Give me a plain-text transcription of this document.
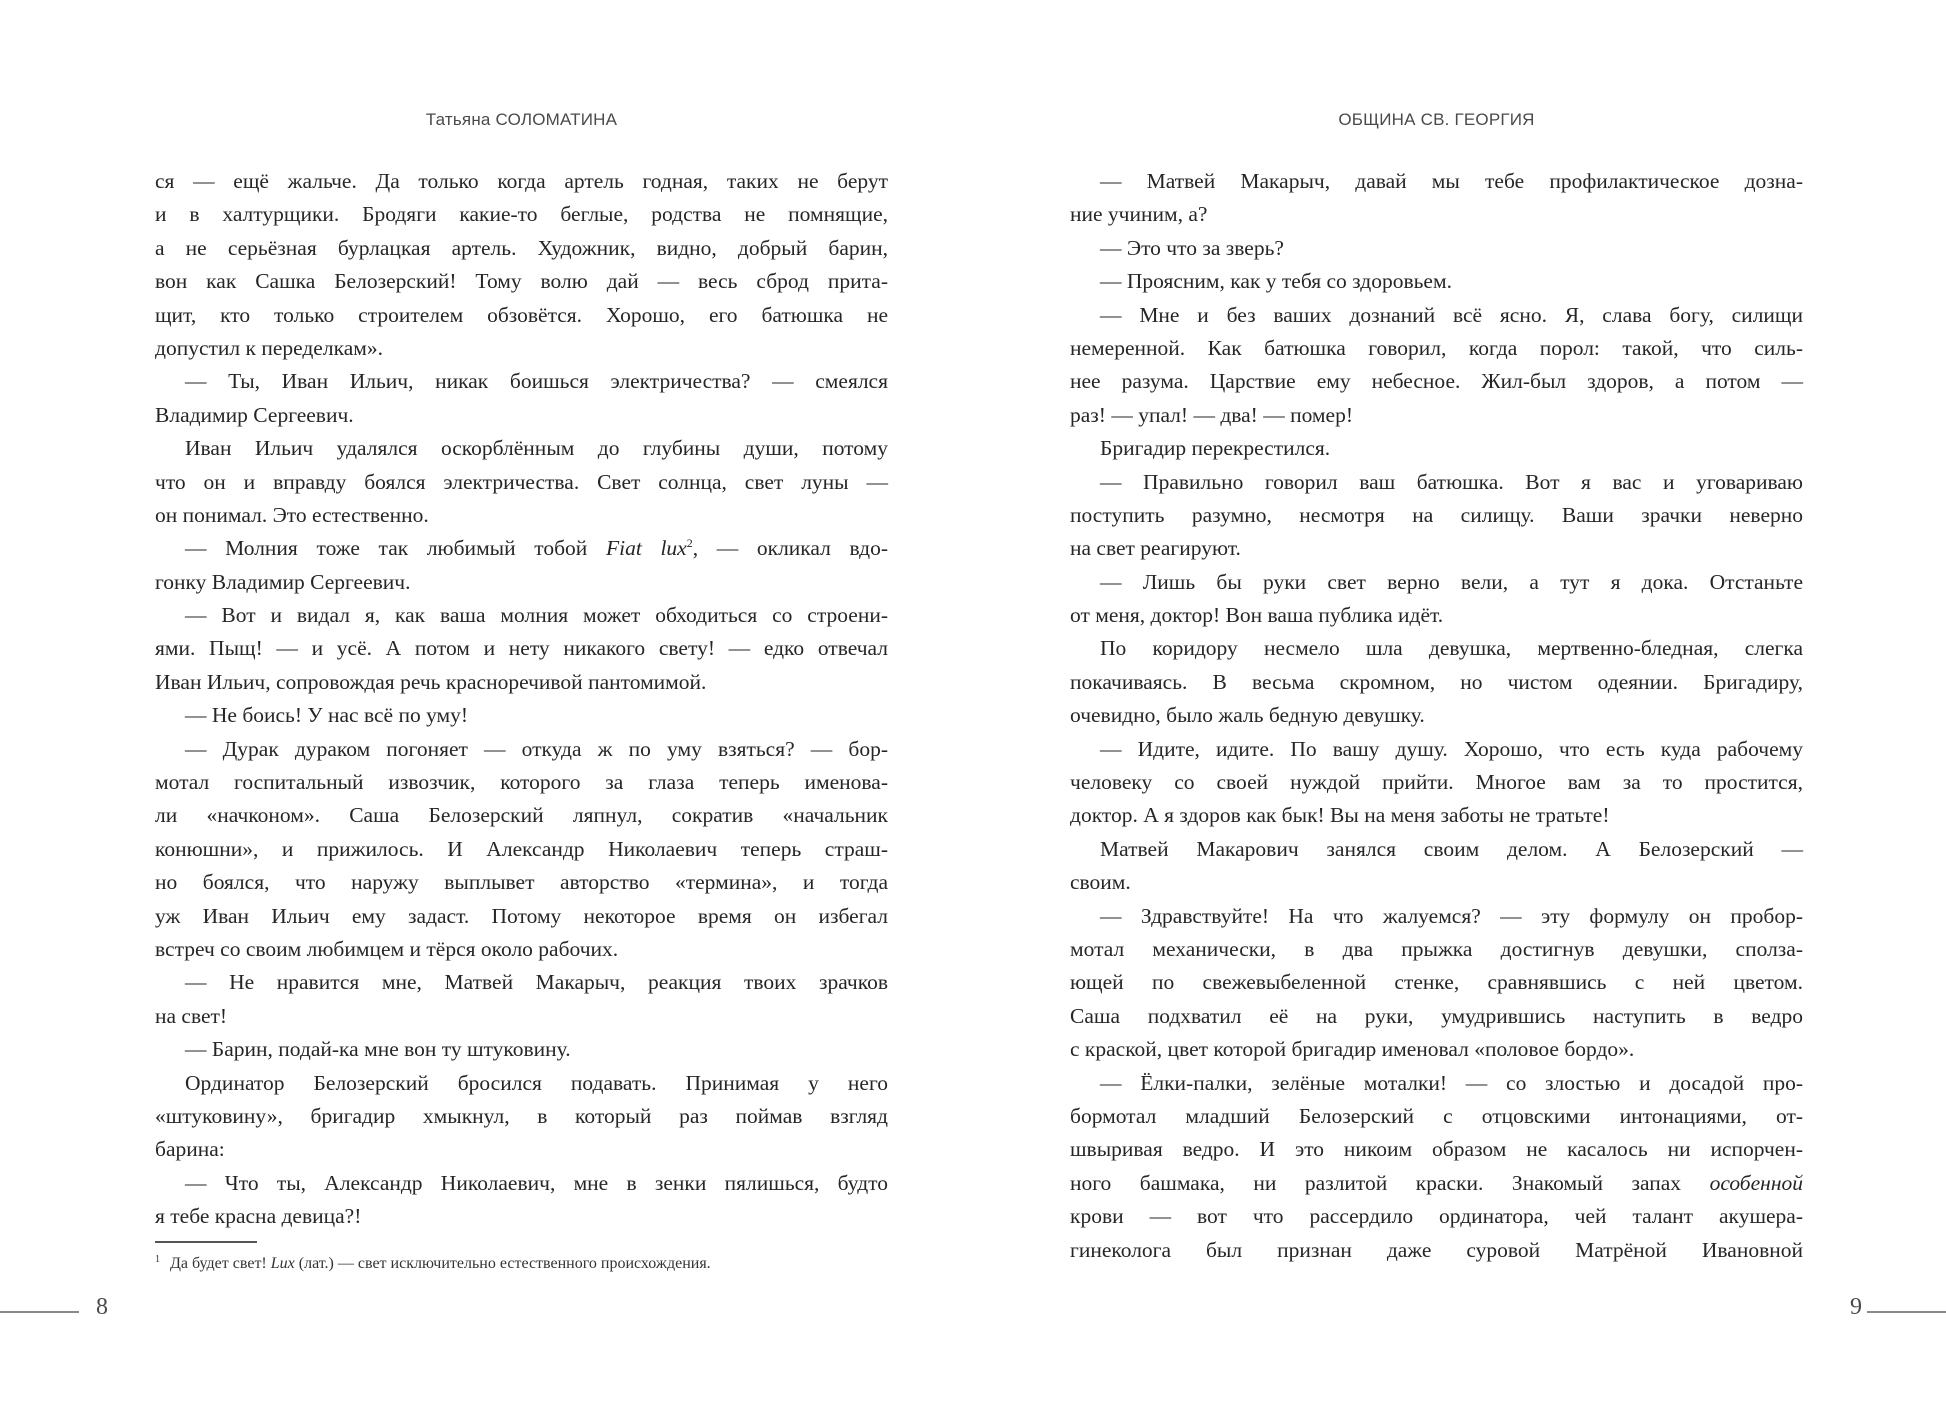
Татьяна СОЛОМАТИНА
ся — ещё жальче. Да только когда артель годная, таких не берут
и в халтурщики. Бродяги какие-то беглые, родства не помнящие,
а не серьёзная бурлацкая артель. Художник, видно, добрый барин,
вон как Сашка Белозерский! Тому волю дай — весь сброд прита-
щит, кто только строителем обзовётся. Хорошо, его батюшка не
допустил к переделкам».
— Ты, Иван Ильич, никак боишься электричества? — смеялся
Владимир Сергеевич.
Иван Ильич удалялся оскорблённым до глубины души, потому
что он и вправду боялся электричества. Свет солнца, свет луны —
он понимал. Это естественно.
— Молния тоже так любимый тобой Fiat lux$^2$, — окликал вдо-
гонку Владимир Сергеевич.
— Вот и видал я, как ваша молния может обходиться со строени-
ями. Пыщ! — и усё. А потом и нету никакого свету! — едко отвечал
Иван Ильич, сопровождая речь красноречивой пантомимой.
— Не боись! У нас всё по уму!
— Дурак дураком погоняет — откуда ж по уму взяться? — бор-
мотал госпитальный извозчик, которого за глаза теперь именова-
ли «начконом». Саша Белозерский ляпнул, сократив «начальник
конюшни», и прижилось. И Александр Николаевич теперь страш-
но боялся, что наружу выплывет авторство «термина», и тогда
уж Иван Ильич ему задаст. Потому некоторое время он избегал
встреч со своим любимцем и тёрся около рабочих.
— Не нравится мне, Матвей Макарыч, реакция твоих зрачков
на свет!
— Барин, подай-ка мне вон ту штуковину.
Ординатор Белозерский бросился подавать. Принимая у него
«штуковину», бригадир хмыкнул, в который раз поймав взгляд
барина:
— Что ты, Александр Николаевич, мне в зенки пялишься, будто
я тебе красна девица?!
$^1$ Да будет свет! Lux (лат.) — свет исключительно естественного происхождения.
8
ОБЩИНА СВ. ГЕОРГИЯ
— Матвей Макарыч, давай мы тебе профилактическое дозна-
ние учиним, а?
— Это что за зверь?
— Проясним, как у тебя со здоровьем.
— Мне и без ваших дознаний всё ясно. Я, слава богу, силищи
немеренной. Как батюшка говорил, когда порол: такой, что силь-
нее разума. Царствие ему небесное. Жил-был здоров, а потом —
раз! — упал! — два! — помер!
Бригадир перекрестился.
— Правильно говорил ваш батюшка. Вот я вас и уговариваю
поступить разумно, несмотря на силищу. Ваши зрачки неверно
на свет реагируют.
— Лишь бы руки свет верно вели, а тут я дока. Отстаньте
от меня, доктор! Вон ваша публика идёт.
По коридору несмело шла девушка, мертвенно-бледная, слегка
покачиваясь. В весьма скромном, но чистом одеянии. Бригадиру,
очевидно, было жаль бедную девушку.
— Идите, идите. По вашу душу. Хорошо, что есть куда рабочему
человеку со своей нуждой прийти. Многое вам за то простится,
доктор. А я здоров как бык! Вы на меня заботы не тратьте!
Матвей Макарович занялся своим делом. А Белозерский —
своим.
— Здравствуйте! На что жалуемся? — эту формулу он пробор-
мотал механически, в два прыжка достигнув девушки, сполза-
ющей по свежевыбеленной стенке, сравнявшись с ней цветом.
Саша подхватил её на руки, умудрившись наступить в ведро
с краской, цвет которой бригадир именовал «половое бордо».
— Ёлки-палки, зелёные моталки! — со злостью и досадой про-
бормотал младший Белозерский с отцовскими интонациями, от-
швыривая ведро. И это никоим образом не касалось ни испорчен-
ного башмака, ни разлитой краски. Знакомый запах особенной
крови — вот что рассердило ординатора, чей талант акушера-
гинеколога был признан даже суровой Матрёной Ивановной
9
